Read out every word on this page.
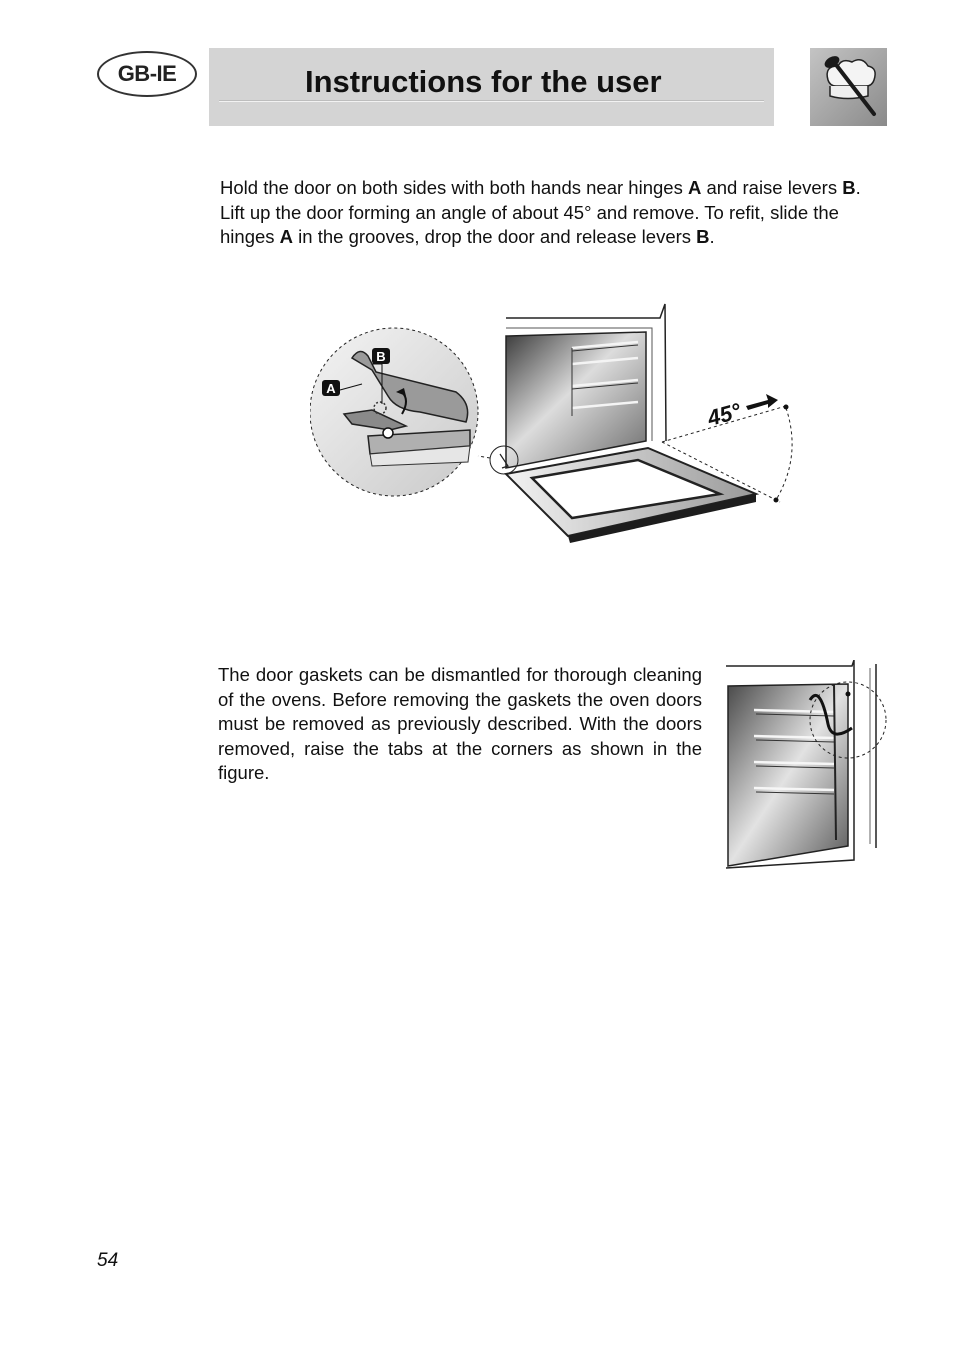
GB-IE	Instructions for the user

Hold the door on both sides with both hands near hinges A and raise levers B. Lift up the door forming an angle of about 45° and remove. To refit, slide the hinges A in the grooves, drop the door and release levers B.

45°
B
A

The door gaskets can be dismantled for thorough cleaning of the ovens. Before removing the gaskets the oven doors must be removed as previously described. With the doors removed, raise the tabs at the corners as shown in the figure.

54
